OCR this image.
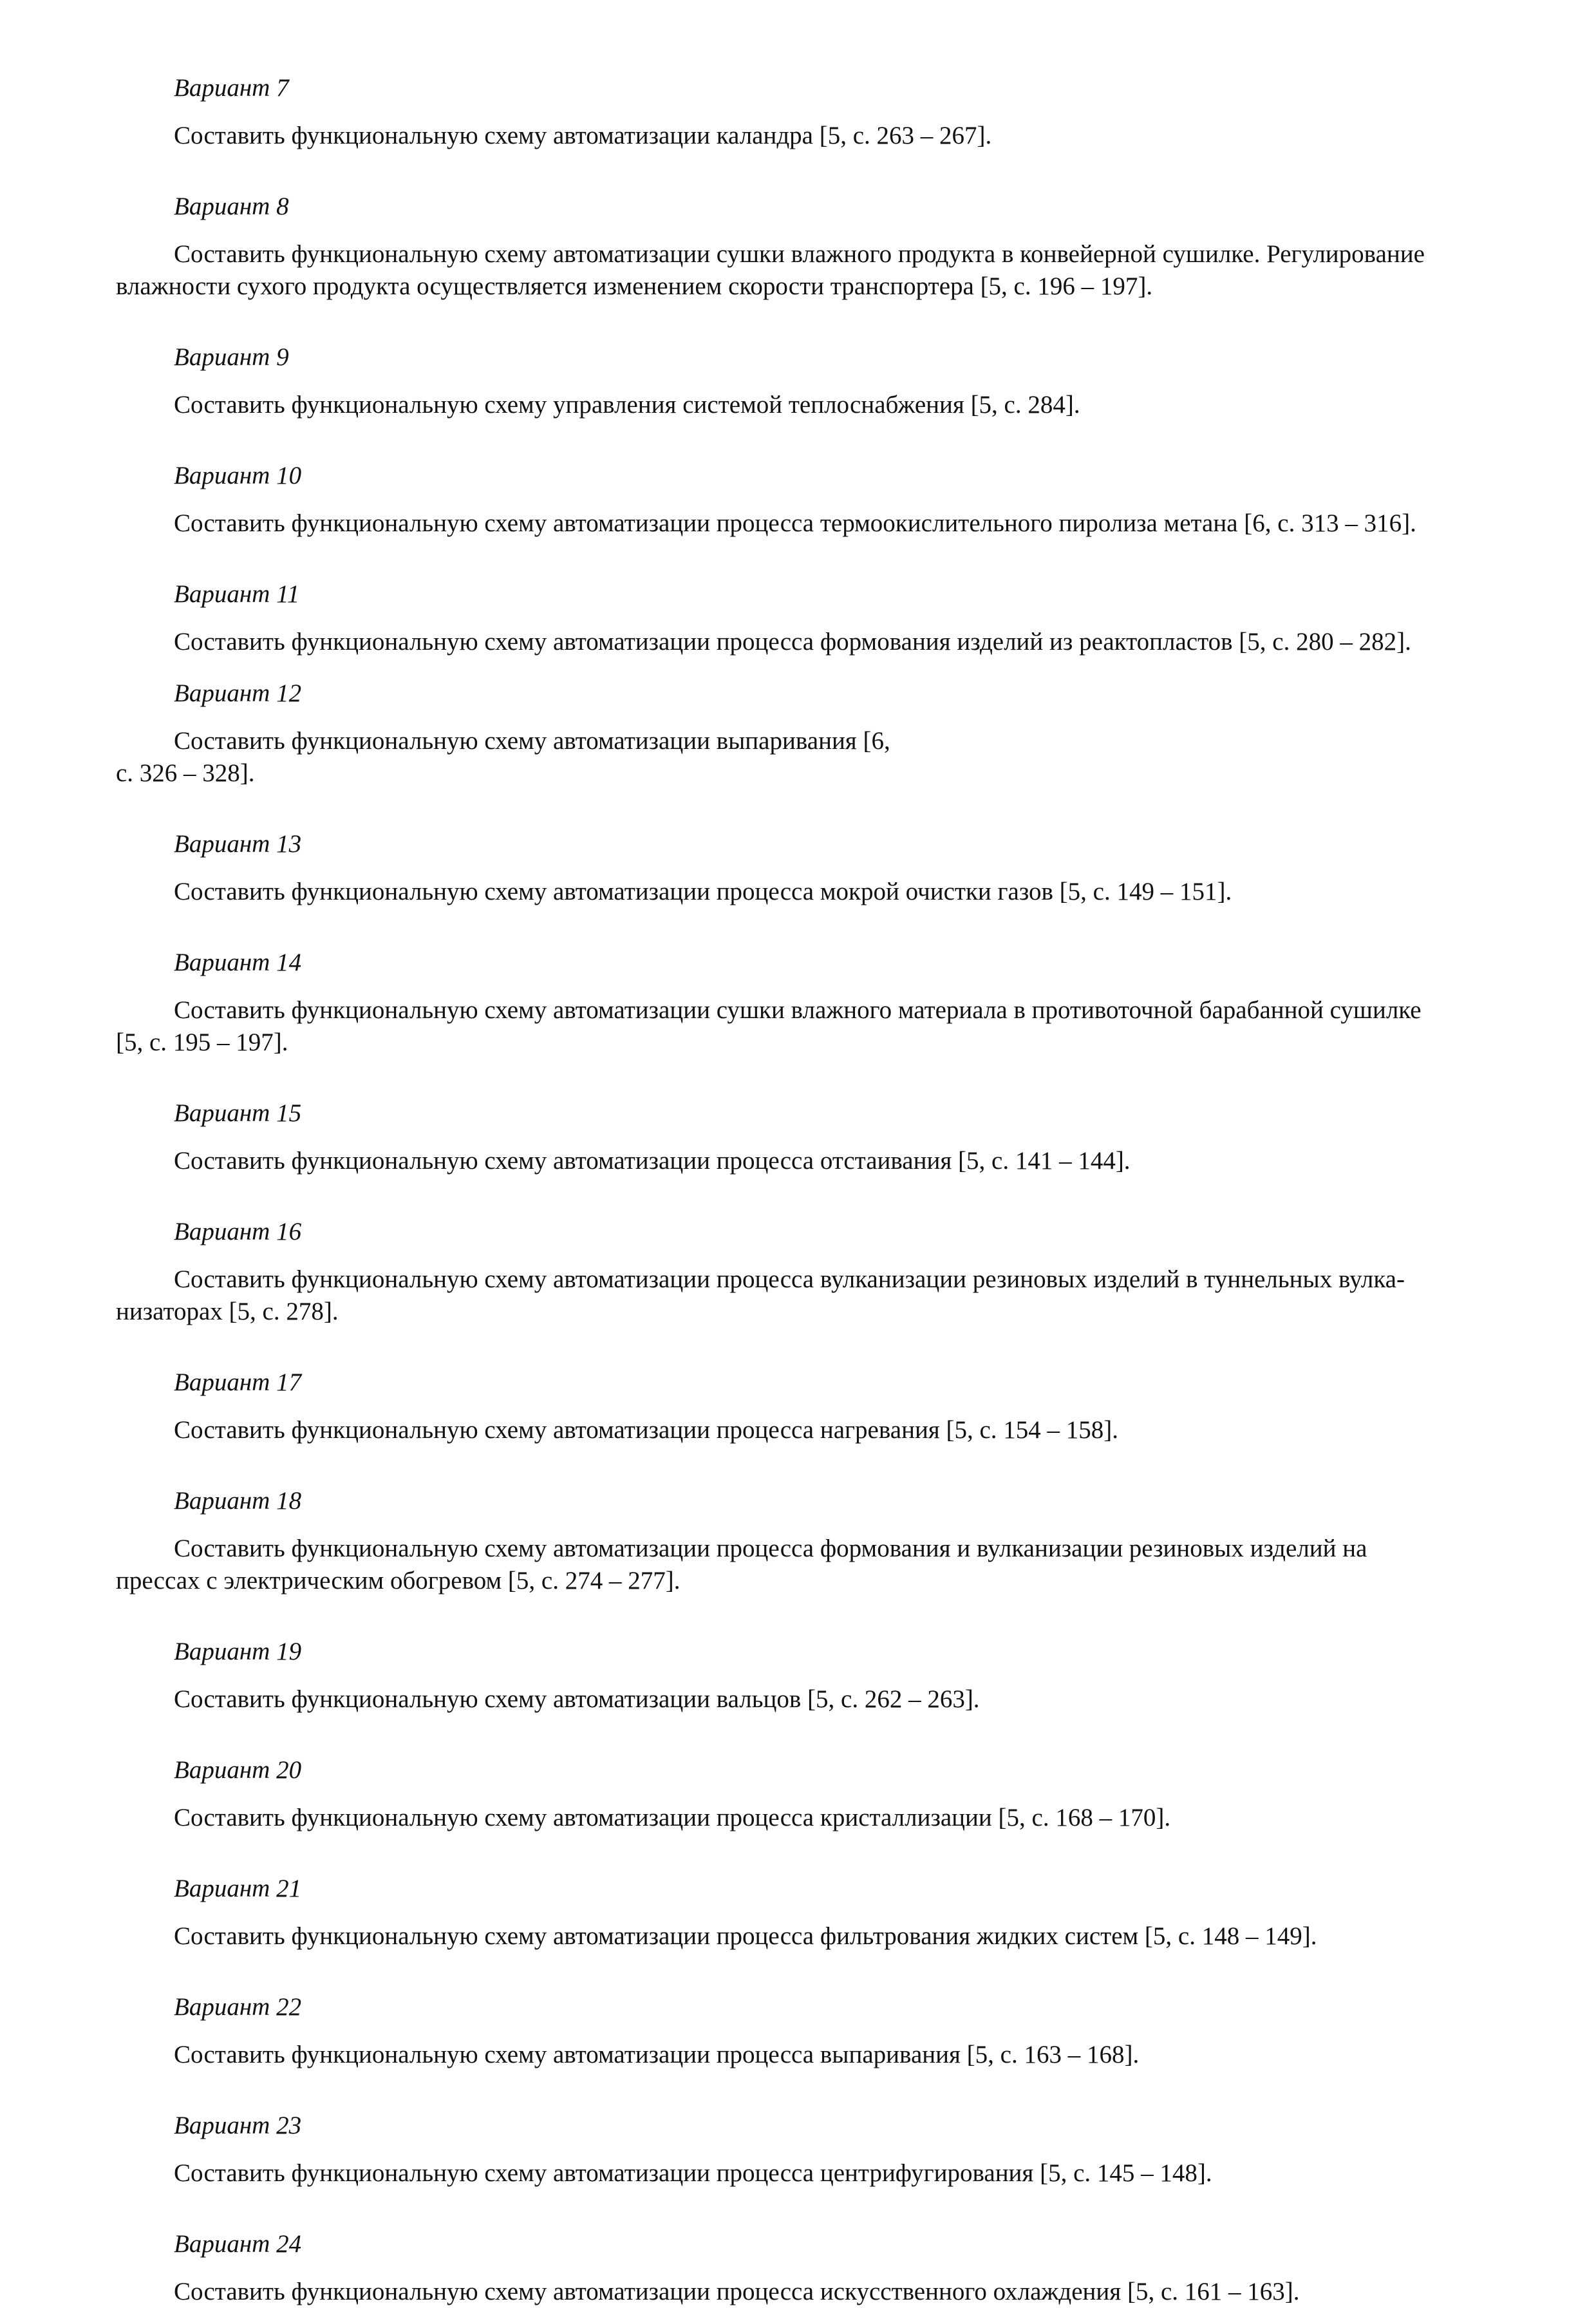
Вариант 7

Составить функциональную схему автоматизации каландра [5, с. 263 – 267].

Вариант 8

Составить функциональную схему автоматизации сушки влажного продукта в конвейерной сушилке. Регулирование
влажности сухого продукта осуществляется изменением скорости транспортера [5, с. 196 – 197].

Вариант 9

Составить функциональную схему управления системой теплоснабжения [5, с. 284].

Вариант 10

Составить функциональную схему автоматизации процесса термоокислительного пиролиза метана [6, с. 313 – 316].

Вариант 11

Составить функциональную схему автоматизации процесса формования изделий из реактопластов [5, с. 280 – 282].

Вариант 12

Составить функциональную схему автоматизации выпаривания [6,
с. 326 – 328].

Вариант 13

Составить функциональную схему автоматизации процесса мокрой очистки газов [5, с. 149 – 151].

Вариант 14

Составить функциональную схему автоматизации сушки влажного материала в противоточной барабанной сушилке
[5, с. 195 – 197].

Вариант 15

Составить функциональную схему автоматизации процесса отстаивания [5, с. 141 – 144].

Вариант 16

Составить функциональную схему автоматизации процесса вулканизации резиновых изделий в туннельных вулка-
низаторах [5, с. 278].

Вариант 17

Составить функциональную схему автоматизации процесса нагревания [5, с. 154 – 158].

Вариант 18

Составить функциональную схему автоматизации процесса формования и вулканизации резиновых изделий на
прессах с электрическим обогревом [5, с. 274 – 277].

Вариант 19

Составить функциональную схему автоматизации вальцов [5, с. 262 – 263].

Вариант 20

Составить функциональную схему автоматизации процесса кристаллизации [5, с. 168 – 170].

Вариант 21

Составить функциональную схему автоматизации процесса фильтрования жидких систем [5, с. 148 – 149].

Вариант 22

Составить функциональную схему автоматизации процесса выпаривания [5, с. 163 – 168].

Вариант 23

Составить функциональную схему автоматизации процесса центрифугирования [5, с. 145 – 148].

Вариант 24

Составить функциональную схему автоматизации процесса искусственного охлаждения [5, с. 161 – 163].
